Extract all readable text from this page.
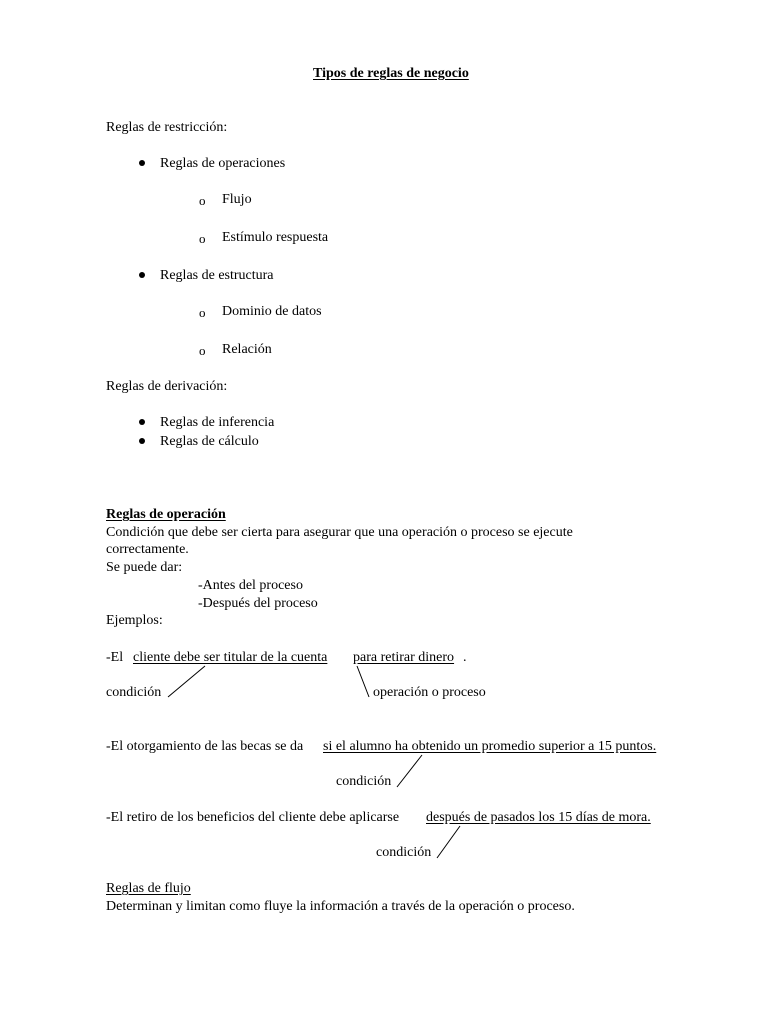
Tipos de reglas de negocio
Reglas de restricción:
Reglas de operaciones
o Flujo
o Estímulo respuesta
Reglas de estructura
o Dominio de datos
o Relación
Reglas de derivación:
Reglas de inferencia
Reglas de cálculo
Reglas de operación
Condición que debe ser cierta para asegurar que una operación o proceso se ejecute
correctamente.
Se puede dar:
-Antes del proceso
-Después del proceso
Ejemplos:
-El cliente debe ser titular de la cuenta para retirar dinero .
condición	operación o proceso
-El otorgamiento de las becas se da si el alumno ha obtenido un promedio superior a 15 puntos.
condición
-El retiro de los beneficios del cliente debe aplicarse después de pasados los 15 días de mora.
condición
Reglas de flujo
Determinan y limitan como fluye la información a través de la operación o proceso.
